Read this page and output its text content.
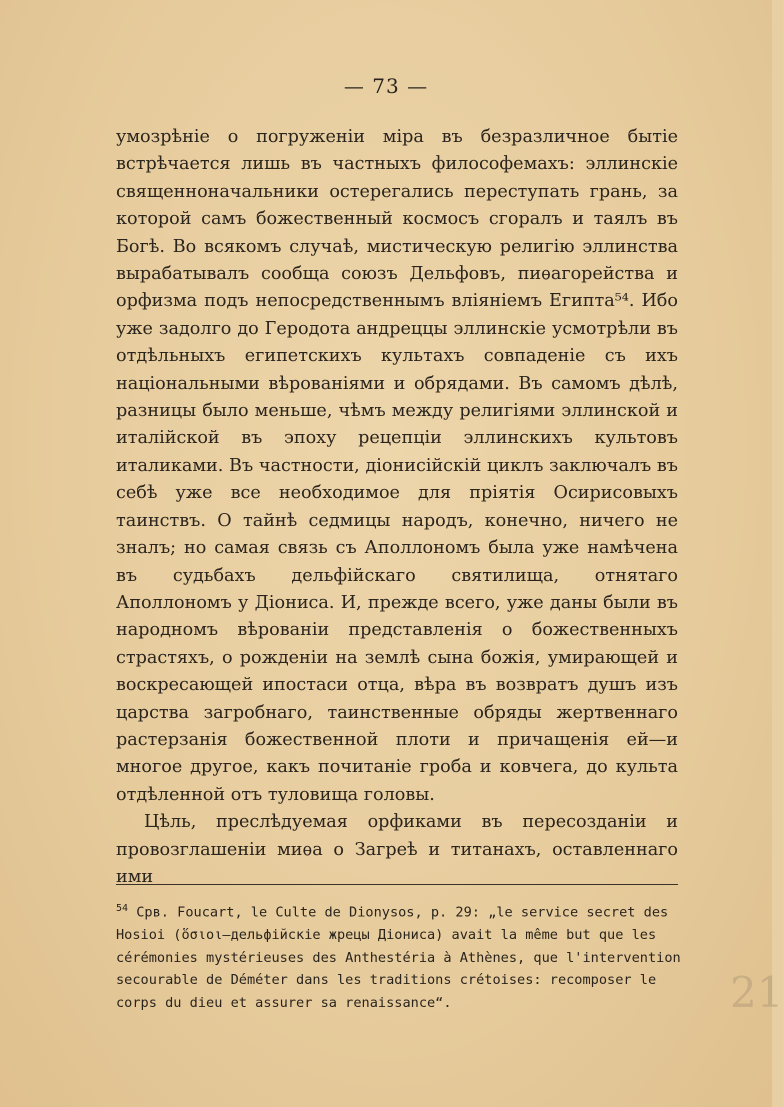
— 73 —

умозрѣніе о погруженіи міра въ безразличное бытіе встрѣчается лишь въ частныхъ философемахъ: эллинскіе священноначальники остерегались переступать грань, за которой самъ божественный космосъ сгоралъ и таялъ въ Богѣ. Во всякомъ случаѣ, мистическую религію эллинства вырабатывалъ сообща союзъ Дельфовъ, пиѳагорейства и орфизма подъ непосредственнымъ вліяніемъ Египта⁵⁴. Ибо уже задолго до Геродота андреццы эллинскіе усмотрѣли въ отдѣльныхъ египетскихъ культахъ совпаденіе съ ихъ національными вѣрованіями и обрядами. Въ самомъ дѣлѣ, разницы было меньше, чѣмъ между религіями эллинской и италійской въ эпоху рецепціи эллинскихъ культовъ италиками. Въ частности, діонисійскій циклъ заключалъ въ себѣ уже все необходимое для пріятія Осирисовыхъ таинствъ. О тайнѣ седмицы народъ, конечно, ничего не зналъ; но самая связь съ Аполлономъ была уже намѣчена въ судьбахъ дельфійскаго святилища, отнятаго Аполлономъ у Діониса. И, прежде всего, уже даны были въ народномъ вѣрованіи представленія о божественныхъ страстяхъ, о рожденіи на землѣ сына божія, умирающей и воскресающей ипостаси отца, вѣра въ возвратъ душъ изъ царства загробнаго, таинственные обряды жертвеннаго растерзанія божественной плоти и причащенія ей—и многое другое, какъ почитаніе гроба и ковчега, до культа отдѣленной отъ туловища головы.

Цѣль, преслѣдуемая орфиками въ пересозданіи и провозглашеніи миѳа о Загреѣ и титанахъ, оставленнаго ими

$^{54}$ Срв. Foucart, le Culte de Dionysos, p. 29: „le service secret des Hosioi (ὅσιοι—дельфійскіе жрецы Діониса) avait la même but que les cérémonies mystérieuses des Anthestéria à Athènes, que l'intervention secourable de Déméter dans les traditions crétoises: recomposer le corps du dieu et assurer sa renaissance“.	21
